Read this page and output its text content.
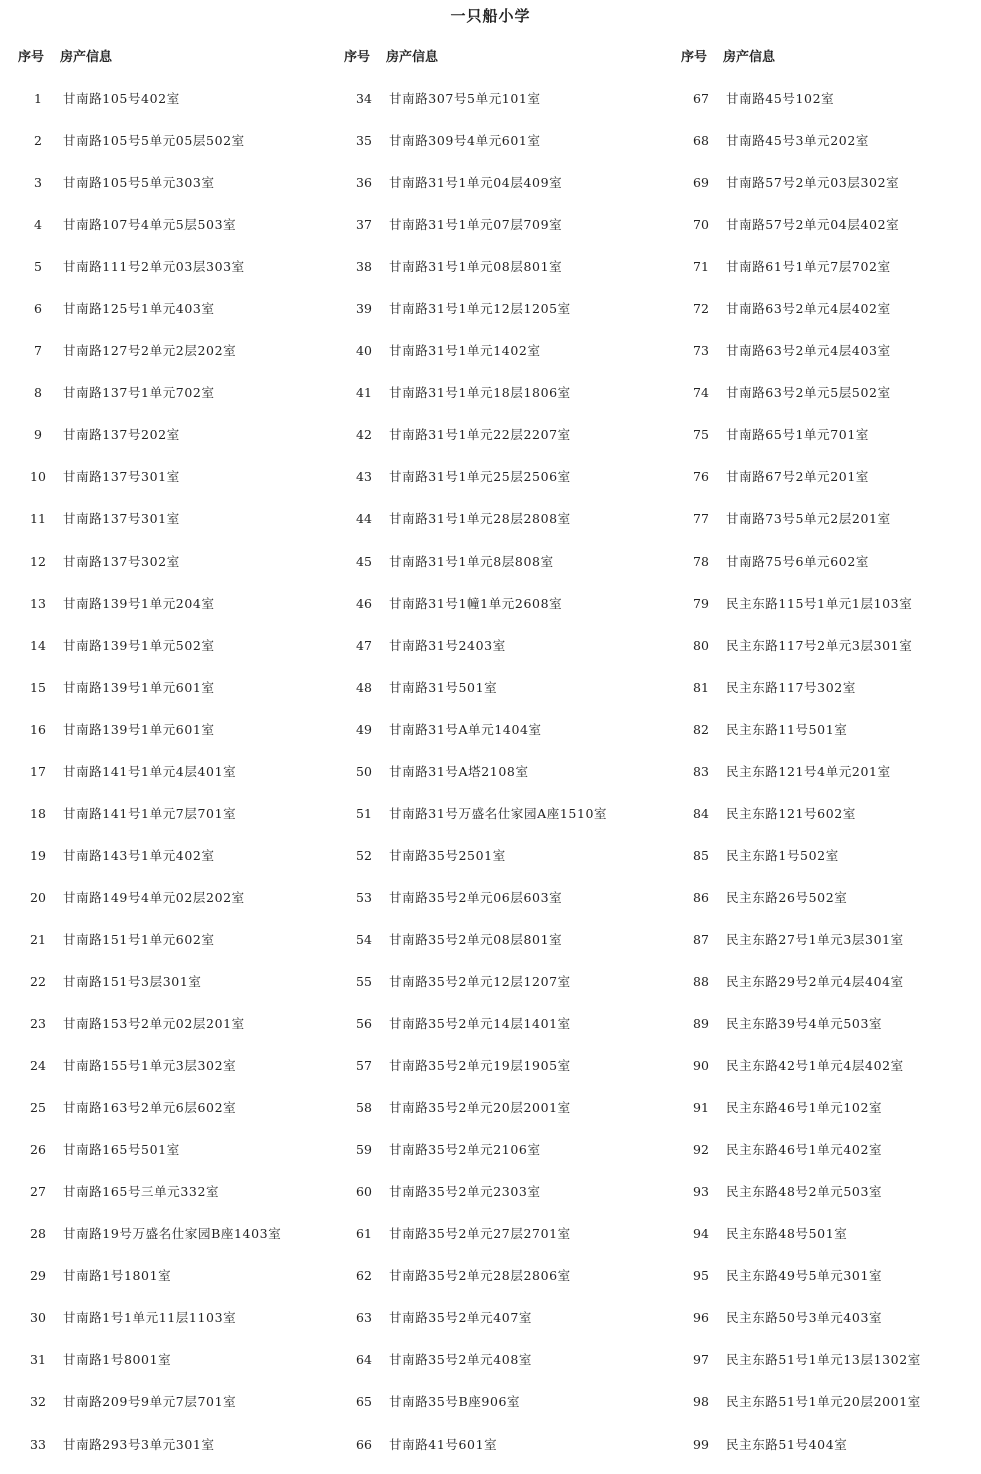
一只船小学
序号 房产信息
1 甘南路105号402室
2 甘南路105号5单元05层502室
3 甘南路105号5单元303室
4 甘南路107号4单元5层503室
5 甘南路111号2单元03层303室
6 甘南路125号1单元403室
7 甘南路127号2单元2层202室
8 甘南路137号1单元702室
9 甘南路137号202室
10 甘南路137号301室
11 甘南路137号301室
12 甘南路137号302室
13 甘南路139号1单元204室
14 甘南路139号1单元502室
15 甘南路139号1单元601室
16 甘南路139号1单元601室
17 甘南路141号1单元4层401室
18 甘南路141号1单元7层701室
19 甘南路143号1单元402室
20 甘南路149号4单元02层202室
21 甘南路151号1单元602室
22 甘南路151号3层301室
23 甘南路153号2单元02层201室
24 甘南路155号1单元3层302室
25 甘南路163号2单元6层602室
26 甘南路165号501室
27 甘南路165号三单元332室
28 甘南路19号万盛名仕家园B座1403室
29 甘南路1号1801室
30 甘南路1号1单元11层1103室
31 甘南路1号8001室
32 甘南路209号9单元7层701室
33 甘南路293号3单元301室
序号 房产信息
34 甘南路307号5单元101室
35 甘南路309号4单元601室
36 甘南路31号1单元04层409室
37 甘南路31号1单元07层709室
38 甘南路31号1单元08层801室
39 甘南路31号1单元12层1205室
40 甘南路31号1单元1402室
41 甘南路31号1单元18层1806室
42 甘南路31号1单元22层2207室
43 甘南路31号1单元25层2506室
44 甘南路31号1单元28层2808室
45 甘南路31号1单元8层808室
46 甘南路31号1幢1单元2608室
47 甘南路31号2403室
48 甘南路31号501室
49 甘南路31号A单元1404室
50 甘南路31号A塔2108室
51 甘南路31号万盛名仕家园A座1510室
52 甘南路35号2501室
53 甘南路35号2单元06层603室
54 甘南路35号2单元08层801室
55 甘南路35号2单元12层1207室
56 甘南路35号2单元14层1401室
57 甘南路35号2单元19层1905室
58 甘南路35号2单元20层2001室
59 甘南路35号2单元2106室
60 甘南路35号2单元2303室
61 甘南路35号2单元27层2701室
62 甘南路35号2单元28层2806室
63 甘南路35号2单元407室
64 甘南路35号2单元408室
65 甘南路35号B座906室
66 甘南路41号601室
序号 房产信息
67 甘南路45号102室
68 甘南路45号3单元202室
69 甘南路57号2单元03层302室
70 甘南路57号2单元04层402室
71 甘南路61号1单元7层702室
72 甘南路63号2单元4层402室
73 甘南路63号2单元4层403室
74 甘南路63号2单元5层502室
75 甘南路65号1单元701室
76 甘南路67号2单元201室
77 甘南路73号5单元2层201室
78 甘南路75号6单元602室
79 民主东路115号1单元1层103室
80 民主东路117号2单元3层301室
81 民主东路117号302室
82 民主东路11号501室
83 民主东路121号4单元201室
84 民主东路121号602室
85 民主东路1号502室
86 民主东路26号502室
87 民主东路27号1单元3层301室
88 民主东路29号2单元4层404室
89 民主东路39号4单元503室
90 民主东路42号1单元4层402室
91 民主东路46号1单元102室
92 民主东路46号1单元402室
93 民主东路48号2单元503室
94 民主东路48号501室
95 民主东路49号5单元301室
96 民主东路50号3单元403室
97 民主东路51号1单元13层1302室
98 民主东路51号1单元20层2001室
99 民主东路51号404室
